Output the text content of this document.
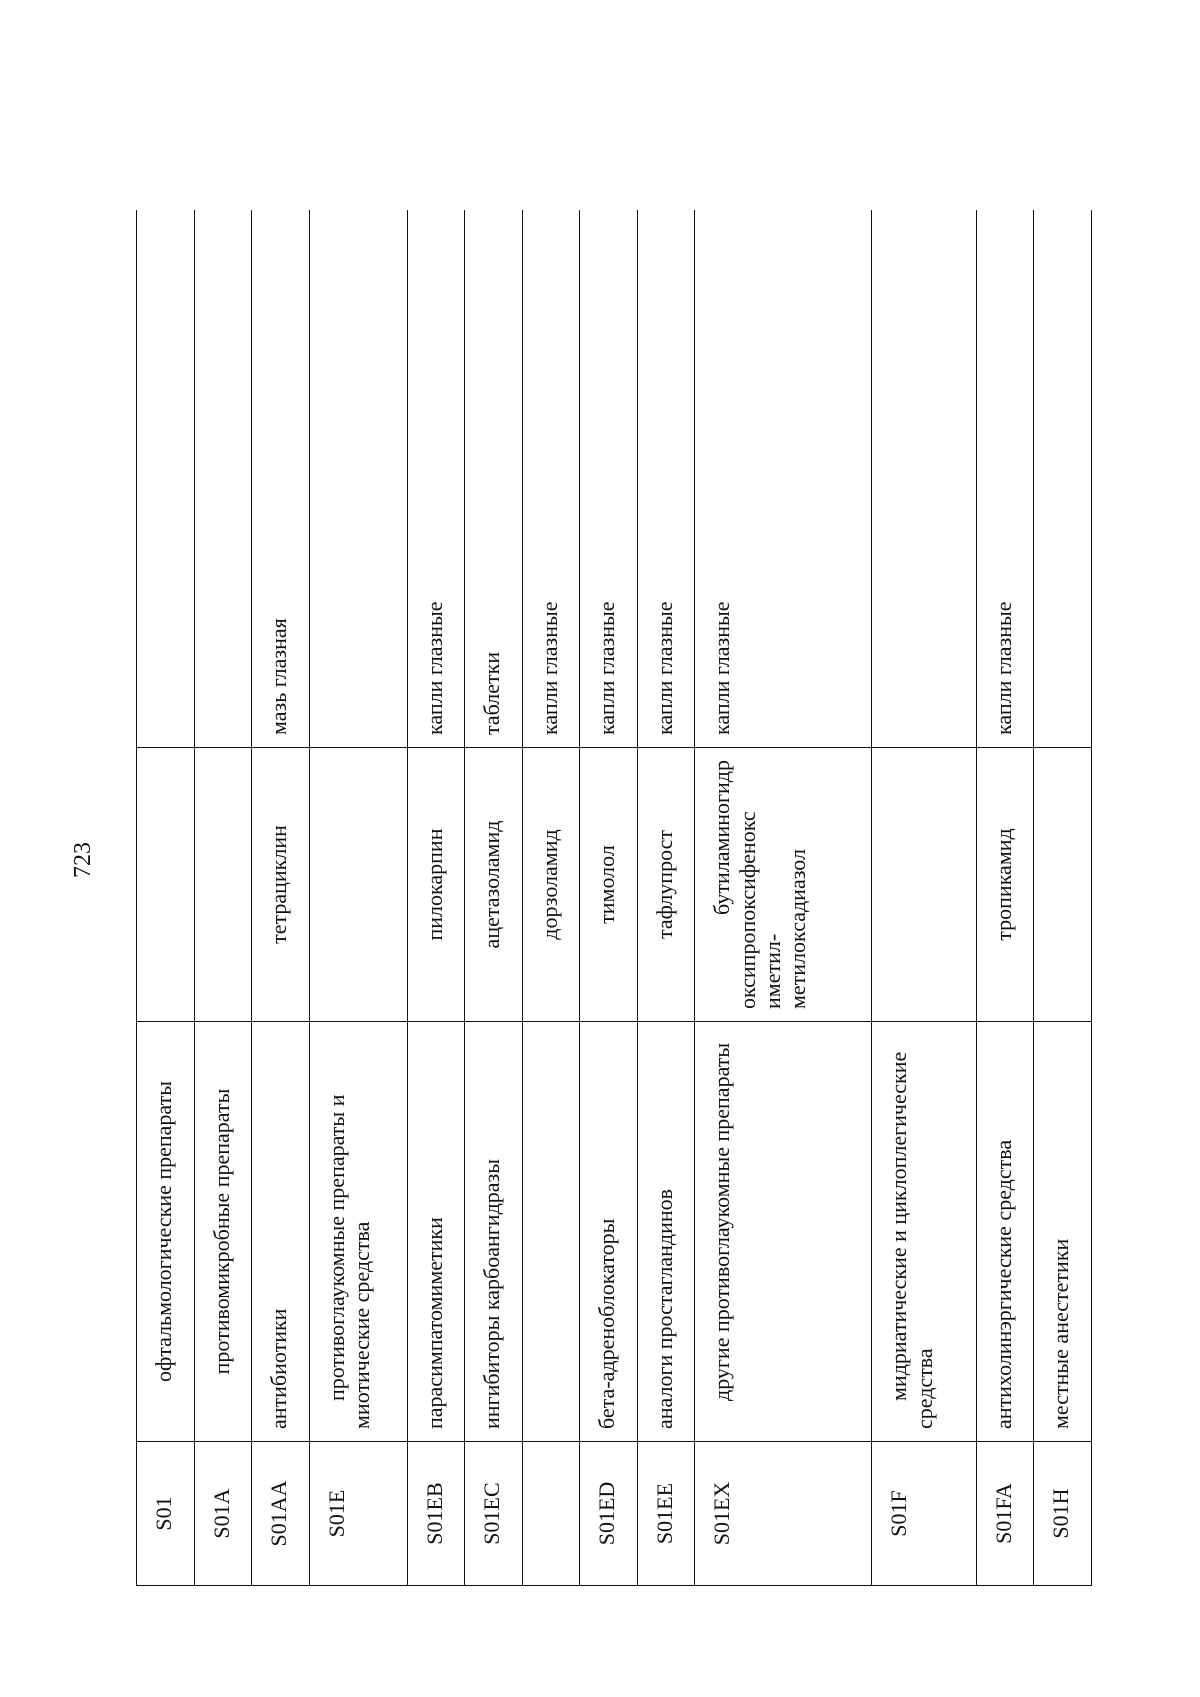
723
S01	офтальмологические препараты		
S01A	противомикробные препараты		
S01AA	антибиотики	тетрациклин	мазь глазная
S01E	противоглаукомные препараты и миотические средства		
S01EB	парасимпатомиметики	пилокарпин	капли глазные
S01EC	ингибиторы карбоангидразы	ацетазоламид	таблетки

		дорзоламид	капли глазные
S01ED	бета-адреноблокаторы	тимолол	капли глазные
S01EE	аналоги простагландинов	тафлупрост	капли глазные
S01EX	другие противоглаукомные препараты	бутиламиногидр оксипропоксифенокс иметил- метилоксадиазол	капли глазные
S01F	мидриатические и циклоплегические средства		
S01FA	антихолинэргические средства	тропикамид	капли глазные
S01H	местные анестетики		
